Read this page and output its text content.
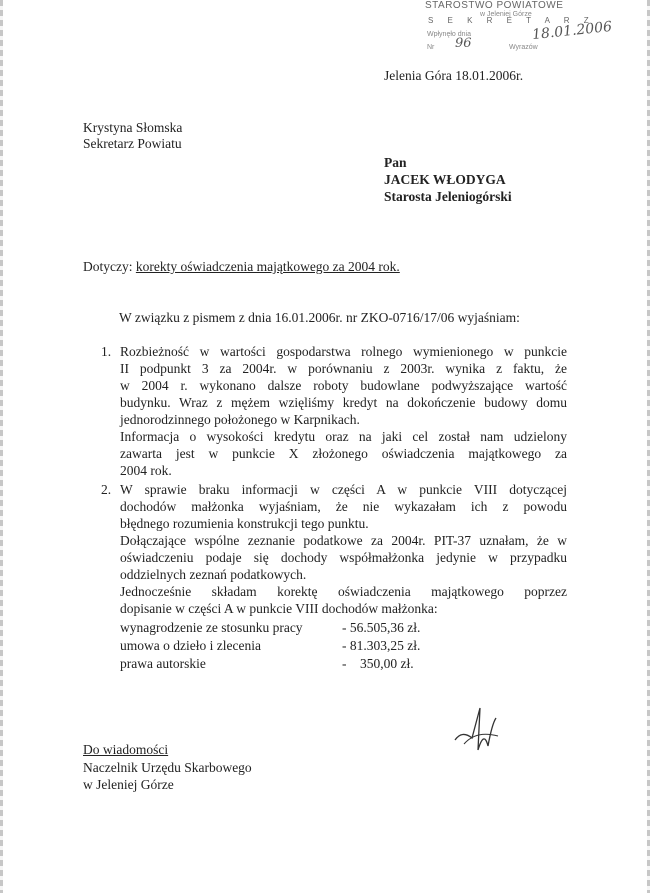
STAROSTWO POWIATOWE
w Jeleniej Górze
S E K R E T A R Z
Wpłynęło dnia	18.01.2006
Nr 96	Wyrazów
Jelenia Góra 18.01.2006r.
Krystyna Słomska
Sekretarz Powiatu
Pan
JACEK WŁODYGA
Starosta Jeleniogórski
Dotyczy: korekty oświadczenia majątkowego za 2004 rok.
W związku z pismem z dnia 16.01.2006r. nr ZKO-0716/17/06 wyjaśniam:
1. Rozbieżność w wartości gospodarstwa rolnego wymienionego w punkcie
II podpunkt 3 za 2004r. w porównaniu z 2003r. wynika z faktu, że
w 2004 r. wykonano dalsze roboty budowlane podwyższające wartość
budynku. Wraz z mężem wzięliśmy kredyt na dokończenie budowy domu
jednorodzinnego położonego w Karpnikach.
Informacja o wysokości kredytu oraz na jaki cel został nam udzielony
zawarta jest w punkcie X złożonego oświadczenia majątkowego za
2004 rok.
2. W sprawie braku informacji w części A w punkcie VIII dotyczącej
dochodów małżonka wyjaśniam, że nie wykazałam ich z powodu
błędnego rozumienia konstrukcji tego punktu.
Dołączające wspólne zeznanie podatkowe za 2004r. PIT-37 uznałam, że w
oświadczeniu podaje się dochody współmałżonka jedynie w przypadku
oddzielnych zeznań podatkowych.
Jednocześnie składam korektę oświadczenia majątkowego poprzez
dopisanie w części A w punkcie VIII dochodów małżonka:
wynagrodzenie ze stosunku pracy	- 56.505,36 zł.
umowa o dzieło i zlecenia	- 81.303,25 zł.
prawa autorskie	-    350,00 zł.
Do wiadomości
Naczelnik Urzędu Skarbowego
w Jeleniej Górze
